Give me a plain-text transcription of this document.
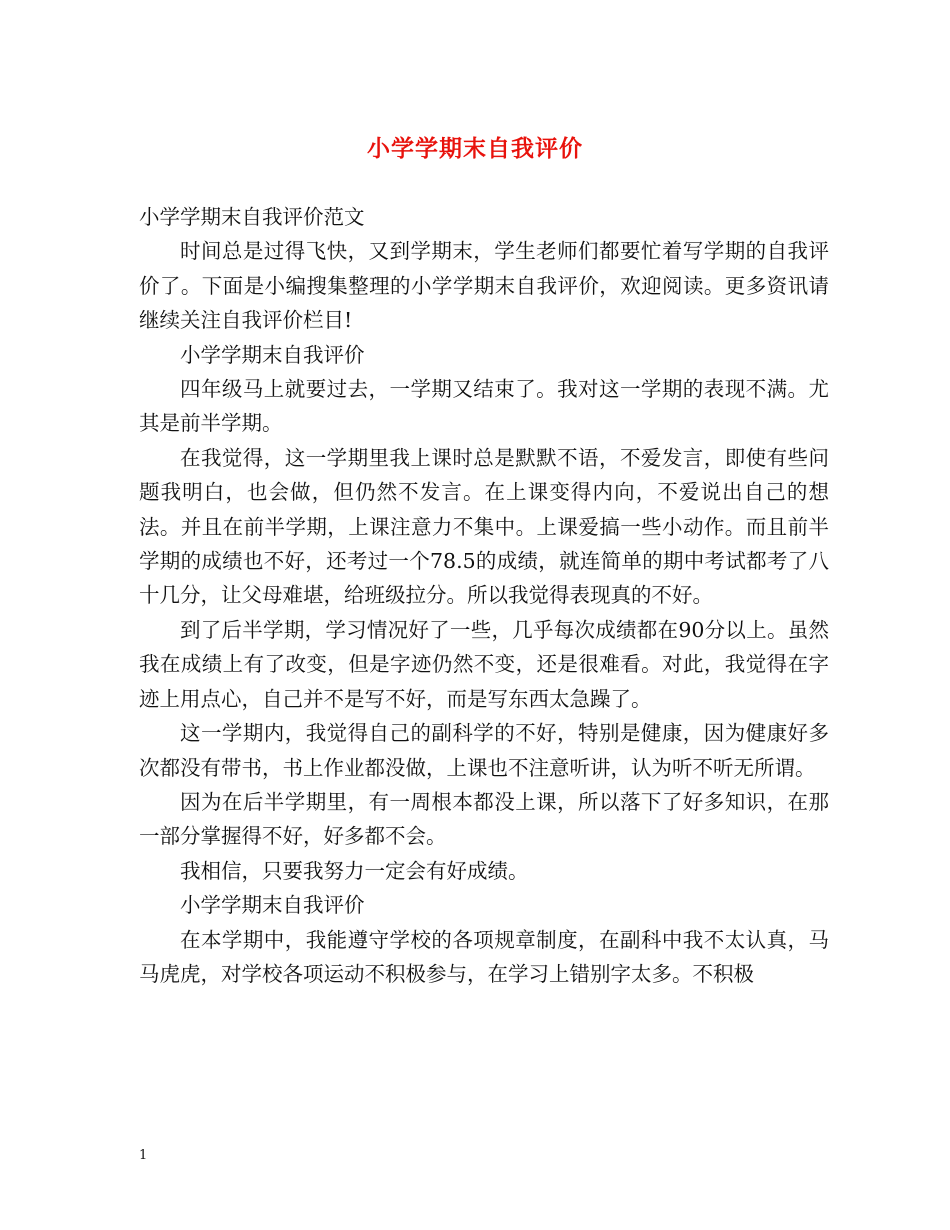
小学学期末自我评价

小学学期末自我评价范文

时间总是过得飞快，又到学期末，学生老师们都要忙着写学期的自我评价了。下面是小编搜集整理的小学学期末自我评价，欢迎阅读。更多资讯请继续关注自我评价栏目!

小学学期末自我评价

四年级马上就要过去，一学期又结束了。我对这一学期的表现不满。尤其是前半学期。

在我觉得，这一学期里我上课时总是默默不语，不爱发言，即使有些问题我明白，也会做，但仍然不发言。在上课变得内向，不爱说出自己的想法。并且在前半学期，上课注意力不集中。上课爱搞一些小动作。而且前半学期的成绩也不好，还考过一个78.5的成绩，就连简单的期中考试都考了八十几分，让父母难堪，给班级拉分。所以我觉得表现真的不好。

到了后半学期，学习情况好了一些，几乎每次成绩都在90分以上。虽然我在成绩上有了改变，但是字迹仍然不变，还是很难看。对此，我觉得在字迹上用点心，自己并不是写不好，而是写东西太急躁了。

这一学期内，我觉得自己的副科学的不好，特别是健康，因为健康好多次都没有带书，书上作业都没做，上课也不注意听讲，认为听不听无所谓。

因为在后半学期里，有一周根本都没上课，所以落下了好多知识，在那一部分掌握得不好，好多都不会。

我相信，只要我努力一定会有好成绩。

小学学期末自我评价

在本学期中，我能遵守学校的各项规章制度，在副科中我不太认真，马马虎虎，对学校各项运动不积极参与，在学习上错别字太多。不积极

1
